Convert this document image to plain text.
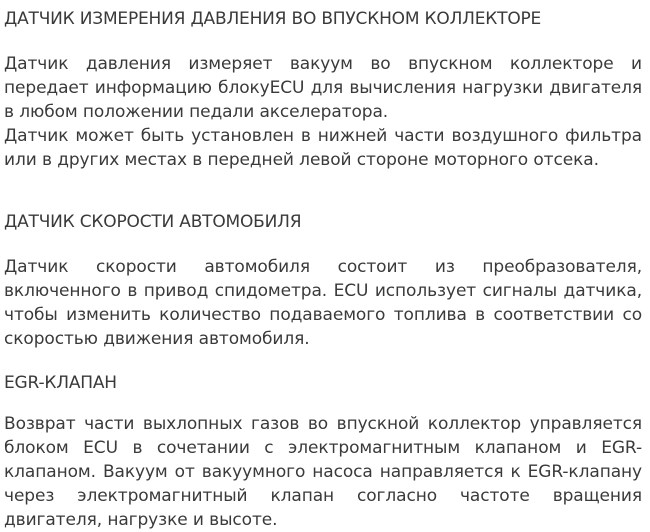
ДАТЧИК ИЗМЕРЕНИЯ ДАВЛЕНИЯ ВО ВПУСКНОМ КОЛЛЕКТОРЕ

Датчик давления измеряет вакуум во впускном коллекторе и передает информацию блокуECU для вычисления нагрузки двигателя в любом положении педали акселератора.

Датчик может быть установлен в нижней части воздушного фильтра или в других местах в передней левой стороне моторного отсека.

ДАТЧИК СКОРОСТИ АВТОМОБИЛЯ

Датчик скорости автомобиля состоит из преобразователя, включенного в привод спидометра. ECU использует сигналы датчика, чтобы изменить количество подаваемого топлива в соответствии со скоростью движения автомобиля.

EGR-КЛАПАН

Возврат части выхлопных газов во впускной коллектор управляется блоком ECU в сочетании с электромагнитным клапаном и EGR-клапаном. Вакуум от вакуумного насоса направляется к EGR-клапану через электромагнитный клапан согласно частоте вращения двигателя, нагрузке и высоте.
